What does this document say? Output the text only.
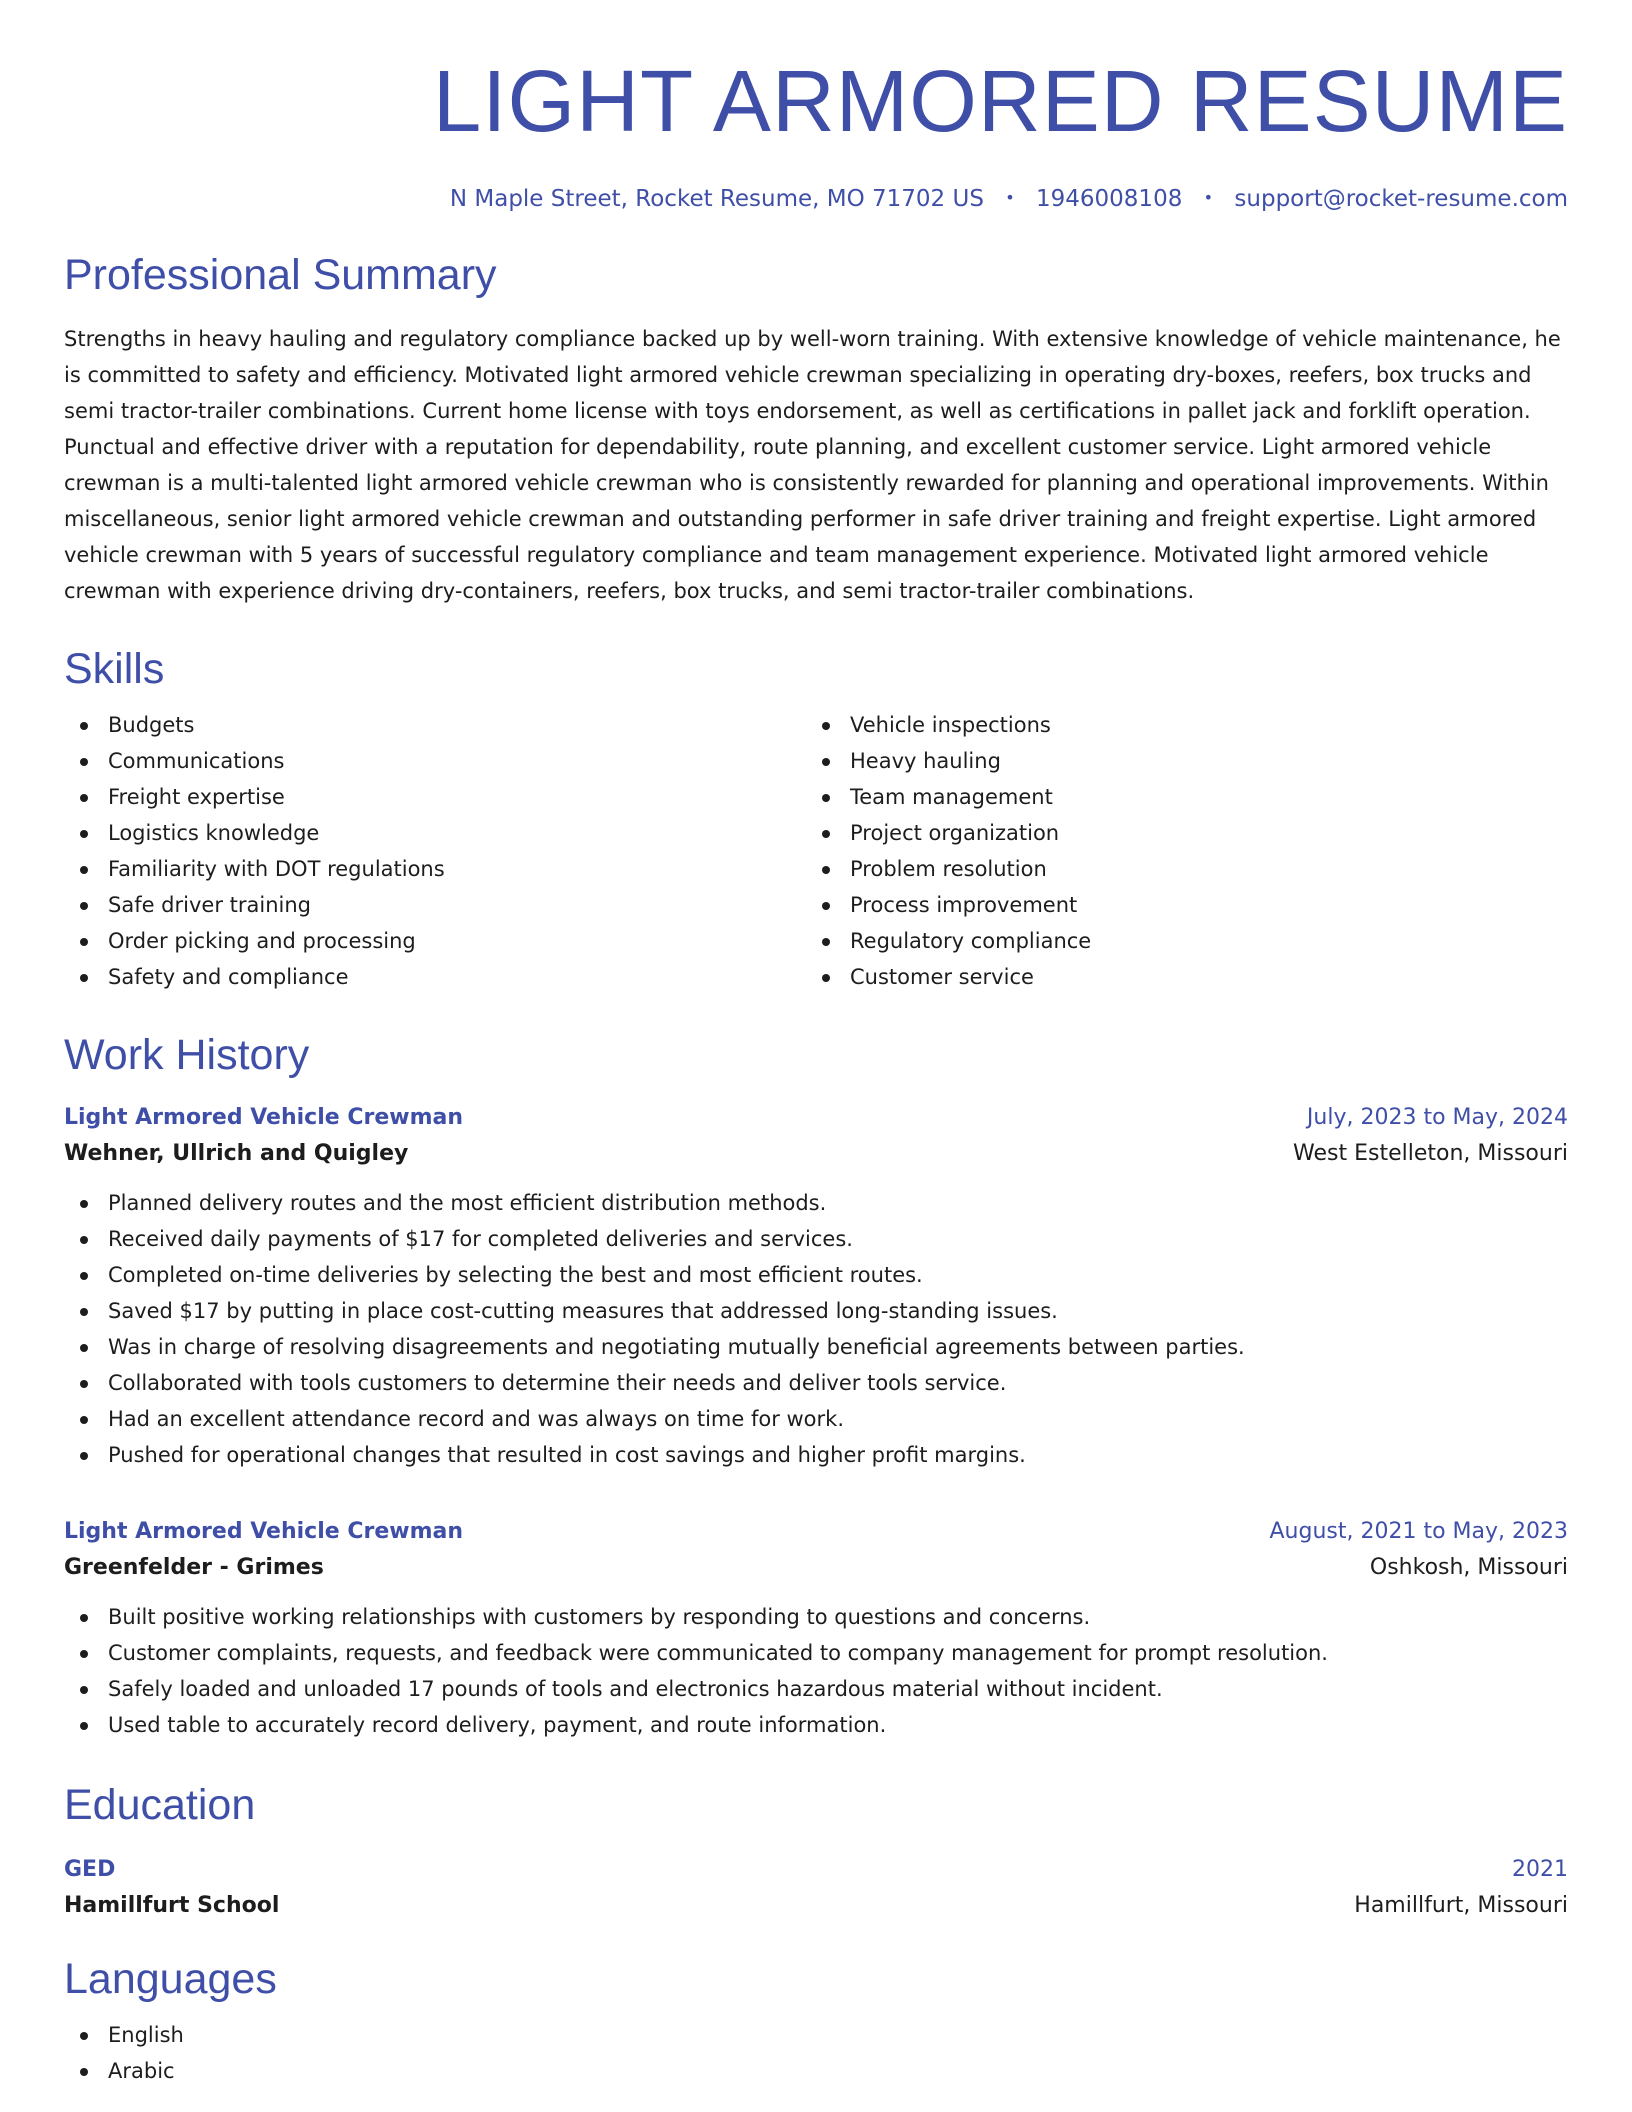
LIGHT ARMORED RESUME
N Maple Street, Rocket Resume, MO 71702 US • 1946008108 • support@rocket-resume.com
Professional Summary

Strengths in heavy hauling and regulatory compliance backed up by well-worn training. With extensive knowledge of vehicle maintenance, he is committed to safety and efficiency. Motivated light armored vehicle crewman specializing in operating dry-boxes, reefers, box trucks and semi tractor-trailer combinations. Current home license with toys endorsement, as well as certifications in pallet jack and forklift operation. Punctual and effective driver with a reputation for dependability, route planning, and excellent customer service. Light armored vehicle crewman is a multi-talented light armored vehicle crewman who is consistently rewarded for planning and operational improvements. Within miscellaneous, senior light armored vehicle crewman and outstanding performer in safe driver training and freight expertise. Light armored vehicle crewman with 5 years of successful regulatory compliance and team management experience. Motivated light armored vehicle crewman with experience driving dry-containers, reefers, box trucks, and semi tractor-trailer combinations.

Skills
Budgets
Communications
Freight expertise
Logistics knowledge
Familiarity with DOT regulations
Safe driver training
Order picking and processing
Safety and compliance
Vehicle inspections
Heavy hauling
Team management
Project organization
Problem resolution
Process improvement
Regulatory compliance
Customer service
Work History
Light Armored Vehicle Crewman	July, 2023 to May, 2024
Wehner, Ullrich and Quigley	West Estelleton, Missouri
Planned delivery routes and the most efficient distribution methods.
Received daily payments of $17 for completed deliveries and services.
Completed on-time deliveries by selecting the best and most efficient routes.
Saved $17 by putting in place cost-cutting measures that addressed long-standing issues.
Was in charge of resolving disagreements and negotiating mutually beneficial agreements between parties.
Collaborated with tools customers to determine their needs and deliver tools service.
Had an excellent attendance record and was always on time for work.
Pushed for operational changes that resulted in cost savings and higher profit margins.
Light Armored Vehicle Crewman	August, 2021 to May, 2023
Greenfelder - Grimes	Oshkosh, Missouri
Built positive working relationships with customers by responding to questions and concerns.
Customer complaints, requests, and feedback were communicated to company management for prompt resolution.
Safely loaded and unloaded 17 pounds of tools and electronics hazardous material without incident.
Used table to accurately record delivery, payment, and route information.
Education
GED	2021
Hamillfurt School	Hamillfurt, Missouri
Languages
English
Arabic
